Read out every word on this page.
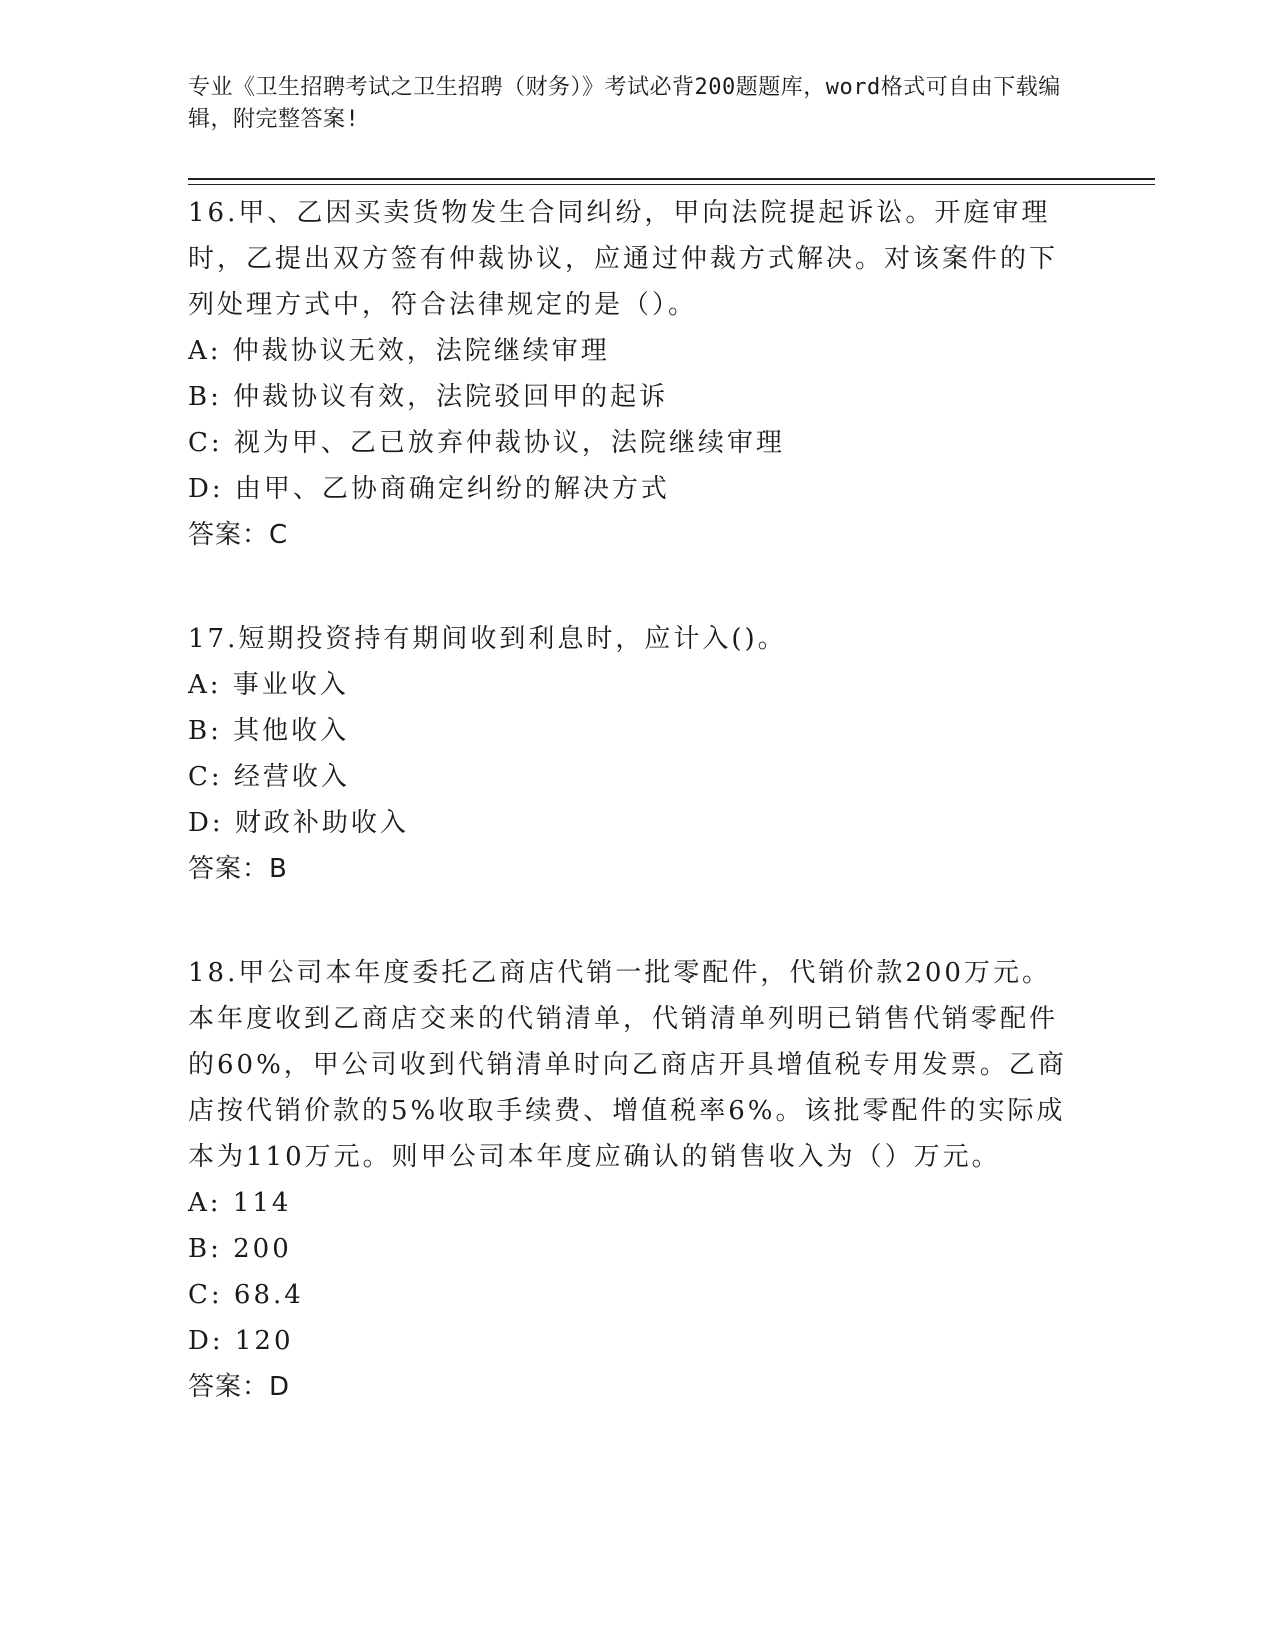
专业《卫生招聘考试之卫生招聘（财务）》考试必背200题题库，word格式可自由下载编辑，附完整答案!

16.甲、乙因买卖货物发生合同纠纷，甲向法院提起诉讼。开庭审理时，乙提出双方签有仲裁协议，应通过仲裁方式解决。对该案件的下列处理方式中，符合法律规定的是（）。

A: 仲裁协议无效，法院继续审理

B: 仲裁协议有效，法院驳回甲的起诉

C: 视为甲、乙已放弃仲裁协议，法院继续审理

D: 由甲、乙协商确定纠纷的解决方式

答案：C

17.短期投资持有期间收到利息时，应计入()。

A: 事业收入

B: 其他收入

C: 经营收入

D: 财政补助收入

答案：B

18.甲公司本年度委托乙商店代销一批零配件，代销价款200万元。本年度收到乙商店交来的代销清单，代销清单列明已销售代销零配件的60%，甲公司收到代销清单时向乙商店开具增值税专用发票。乙商店按代销价款的5%收取手续费、增值税率6%。该批零配件的实际成本为110万元。则甲公司本年度应确认的销售收入为（）万元。

A: 114

B: 200

C: 68.4

D: 120

答案：D
